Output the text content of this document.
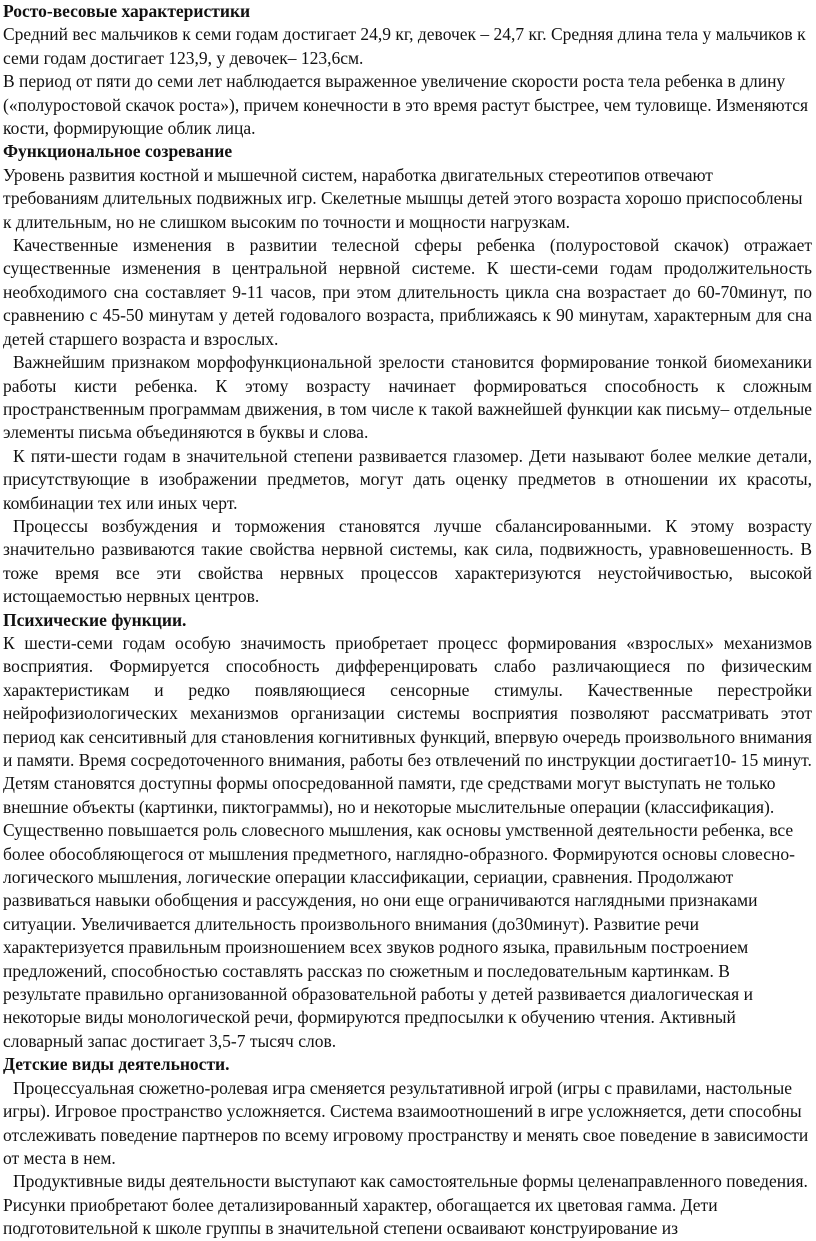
Росто-весовые характеристики

Средний вес мальчиков к семи годам достигает 24,9 кг, девочек – 24,7 кг. Средняя длина тела у мальчиков к семи годам достигает 123,9, у девочек– 123,6см.

В период от пяти до семи лет наблюдается выраженное увеличение скорости роста тела ребенка в длину («полуростовой скачок роста»), причем конечности в это время растут быстрее, чем туловище. Изменяются кости, формирующие облик лица.

Функциональное созревание

Уровень развития костной и мышечной систем, наработка двигательных стереотипов отвечают требованиям длительных подвижных игр. Скелетные мышцы детей этого возраста хорошо приспособлены к длительным, но не слишком высоким по точности и мощности нагрузкам.

Качественные изменения в развитии телесной сферы ребенка (полуростовой скачок) отражает существенные изменения в центральной нервной системе. К шести-семи годам продолжительность необходимого сна составляет 9-11 часов, при этом длительность цикла сна возрастает до 60-70минут, по сравнению с 45-50 минутам у детей годовалого возраста, приближаясь к 90 минутам, характерным для сна детей старшего возраста и взрослых.

Важнейшим признаком морфофункциональной зрелости становится формирование тонкой биомеханики работы кисти ребенка. К этому возрасту начинает формироваться способность к сложным пространственным программам движения, в том числе к такой важнейшей функции как письму– отдельные элементы письма объединяются в буквы и слова.

К пяти-шести годам в значительной степени развивается глазомер. Дети называют более мелкие детали, присутствующие в изображении предметов, могут дать оценку предметов в отношении их красоты, комбинации тех или иных черт.

Процессы возбуждения и торможения становятся лучше сбалансированными. К этому возрасту значительно развиваются такие свойства нервной системы, как сила, подвижность, уравновешенность. В тоже время все эти свойства нервных процессов характеризуются неустойчивостью, высокой истощаемостью нервных центров.

Психические функции.

К шести-семи годам особую значимость приобретает процесс формирования «взрослых» механизмов восприятия. Формируется способность дифференцировать слабо различающиеся по физическим характеристикам и редко появляющиеся сенсорные стимулы. Качественные перестройки нейрофизиологических механизмов организации системы восприятия позволяют рассматривать этот период как сенситивный для становления когнитивных функций, впервую очередь произвольного внимания и памяти. Время сосредоточенного внимания, работы без отвлечений по инструкции достигает10- 15 минут.

Детям становятся доступны формы опосредованной памяти, где средствами могут выступать не только внешние объекты (картинки, пиктограммы), но и некоторые мыслительные операции (классификация). Существенно повышается роль словесного мышления, как основы умственной деятельности ребенка, все более обособляющегося от мышления предметного, наглядно-образного. Формируются основы словесно-логического мышления, логические операции классификации, сериации, сравнения. Продолжают развиваться навыки обобщения и рассуждения, но они еще ограничиваются наглядными признаками ситуации. Увеличивается длительность произвольного внимания (до30минут). Развитие речи характеризуется правильным произношением всех звуков родного языка, правильным построением предложений, способностью составлять рассказ по сюжетным и последовательным картинкам. В результате правильно организованной образовательной работы у детей развивается диалогическая и некоторые виды монологической речи, формируются предпосылки к обучению чтения. Активный словарный запас достигает 3,5-7 тысяч слов.

Детские виды деятельности.

Процессуальная сюжетно-ролевая игра сменяется результативной игрой (игры с правилами, настольные игры). Игровое пространство усложняется. Система взаимоотношений в игре усложняется, дети способны отслеживать поведение партнеров по всему игровому пространству и менять свое поведение в зависимости от места в нем.

Продуктивные виды деятельности выступают как самостоятельные формы целенаправленного поведения. Рисунки приобретают более детализированный характер, обогащается их цветовая гамма. Дети подготовительной к школе группы в значительной степени осваивают конструирование из
